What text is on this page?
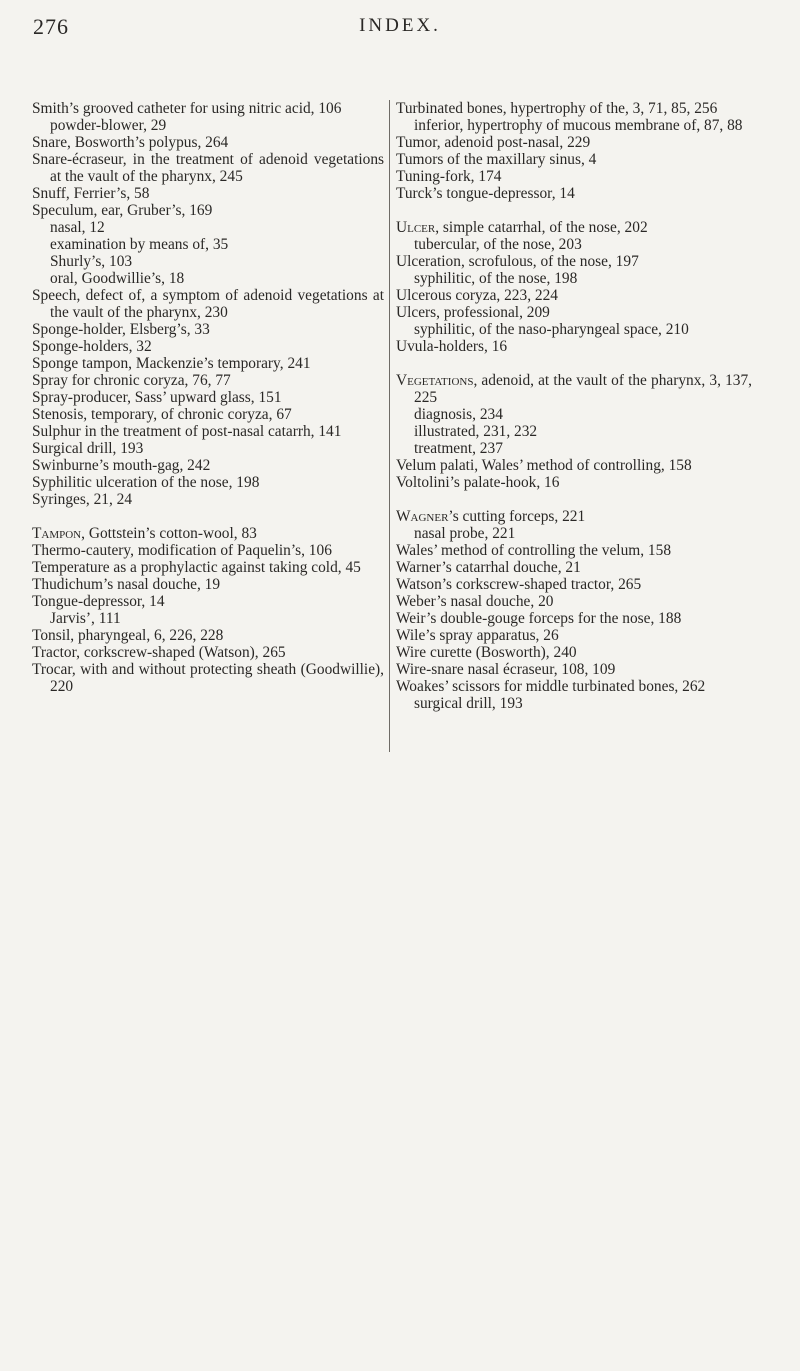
276	INDEX.
Smith’s grooved catheter for using nitric acid, 106
powder-blower, 29
Snare, Bosworth’s polypus, 264
Snare-écraseur, in the treatment of adenoid vegetations at the vault of the pharynx, 245
Snuff, Ferrier’s, 58
Speculum, ear, Gruber’s, 169
nasal, 12
examination by means of, 35
Shurly’s, 103
oral, Goodwillie’s, 18
Speech, defect of, a symptom of adenoid vegetations at the vault of the pharynx, 230
Sponge-holder, Elsberg’s, 33
Sponge-holders, 32
Sponge tampon, Mackenzie’s temporary, 241
Spray for chronic coryza, 76, 77
Spray-producer, Sass’ upward glass, 151
Stenosis, temporary, of chronic coryza, 67
Sulphur in the treatment of post-nasal catarrh, 141
Surgical drill, 193
Swinburne’s mouth-gag, 242
Syphilitic ulceration of the nose, 198
Syringes, 21, 24
Tampon, Gottstein’s cotton-wool, 83
Thermo-cautery, modification of Paquelin’s, 106
Temperature as a prophylactic against taking cold, 45
Thudichum’s nasal douche, 19
Tongue-depressor, 14
Jarvis’, 111
Tonsil, pharyngeal, 6, 226, 228
Tractor, corkscrew-shaped (Watson), 265
Trocar, with and without protecting sheath (Goodwillie), 220
Turbinated bones, hypertrophy of the, 3, 71, 85, 256
inferior, hypertrophy of mucous membrane of, 87, 88
Tumor, adenoid post-nasal, 229
Tumors of the maxillary sinus, 4
Tuning-fork, 174
Turck’s tongue-depressor, 14
Ulcer, simple catarrhal, of the nose, 202
tubercular, of the nose, 203
Ulceration, scrofulous, of the nose, 197
syphilitic, of the nose, 198
Ulcerous coryza, 223, 224
Ulcers, professional, 209
syphilitic, of the naso-pharyngeal space, 210
Uvula-holders, 16
Vegetations, adenoid, at the vault of the pharynx, 3, 137, 225
diagnosis, 234
illustrated, 231, 232
treatment, 237
Velum palati, Wales’ method of controlling, 158
Voltolini’s palate-hook, 16
Wagner’s cutting forceps, 221
nasal probe, 221
Wales’ method of controlling the velum, 158
Warner’s catarrhal douche, 21
Watson’s corkscrew-shaped tractor, 265
Weber’s nasal douche, 20
Weir’s double-gouge forceps for the nose, 188
Wile’s spray apparatus, 26
Wire curette (Bosworth), 240
Wire-snare nasal écraseur, 108, 109
Woakes’ scissors for middle turbinated bones, 262
surgical drill, 193
